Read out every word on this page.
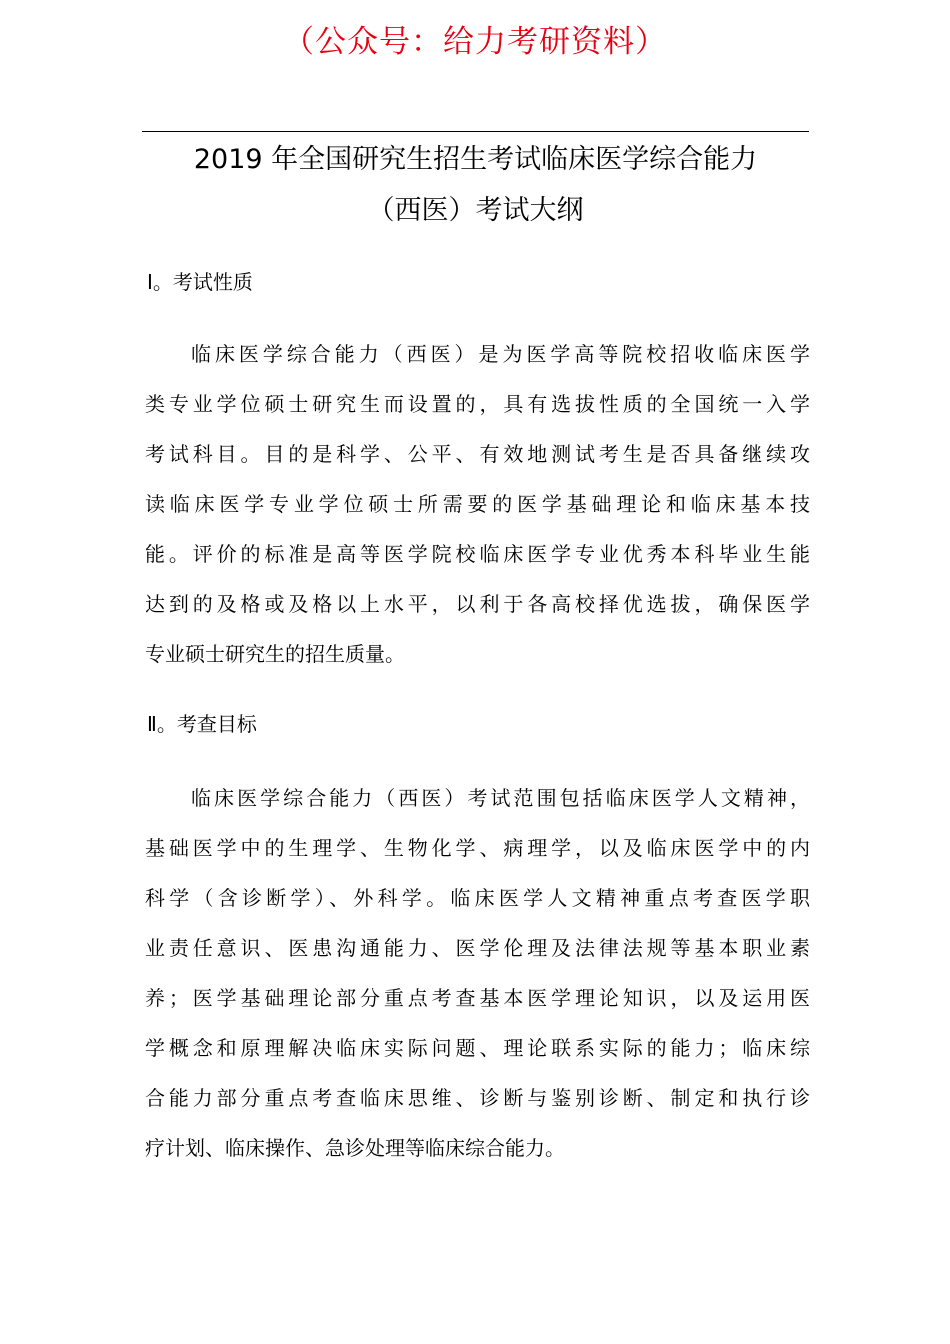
（公众号：给力考研资料）
2019 年全国研究生招生考试临床医学综合能力
（西医）考试大纲
Ⅰ。考试性质
临床医学综合能力（西医）是为医学高等院校招收临床医学
类专业学位硕士研究生而设置的，具有选拔性质的全国统一入学
考试科目。目的是科学、公平、有效地测试考生是否具备继续攻
读临床医学专业学位硕士所需要的医学基础理论和临床基本技
能。评价的标准是高等医学院校临床医学专业优秀本科毕业生能
达到的及格或及格以上水平，以利于各高校择优选拔，确保医学
专业硕士研究生的招生质量。
Ⅱ。考查目标
临床医学综合能力（西医）考试范围包括临床医学人文精神，
基础医学中的生理学、生物化学、病理学，以及临床医学中的内
科学（含诊断学）、外科学。临床医学人文精神重点考查医学职
业责任意识、医患沟通能力、医学伦理及法律法规等基本职业素
养；医学基础理论部分重点考查基本医学理论知识，以及运用医
学概念和原理解决临床实际问题、理论联系实际的能力；临床综
合能力部分重点考查临床思维、诊断与鉴别诊断、制定和执行诊
疗计划、临床操作、急诊处理等临床综合能力。
